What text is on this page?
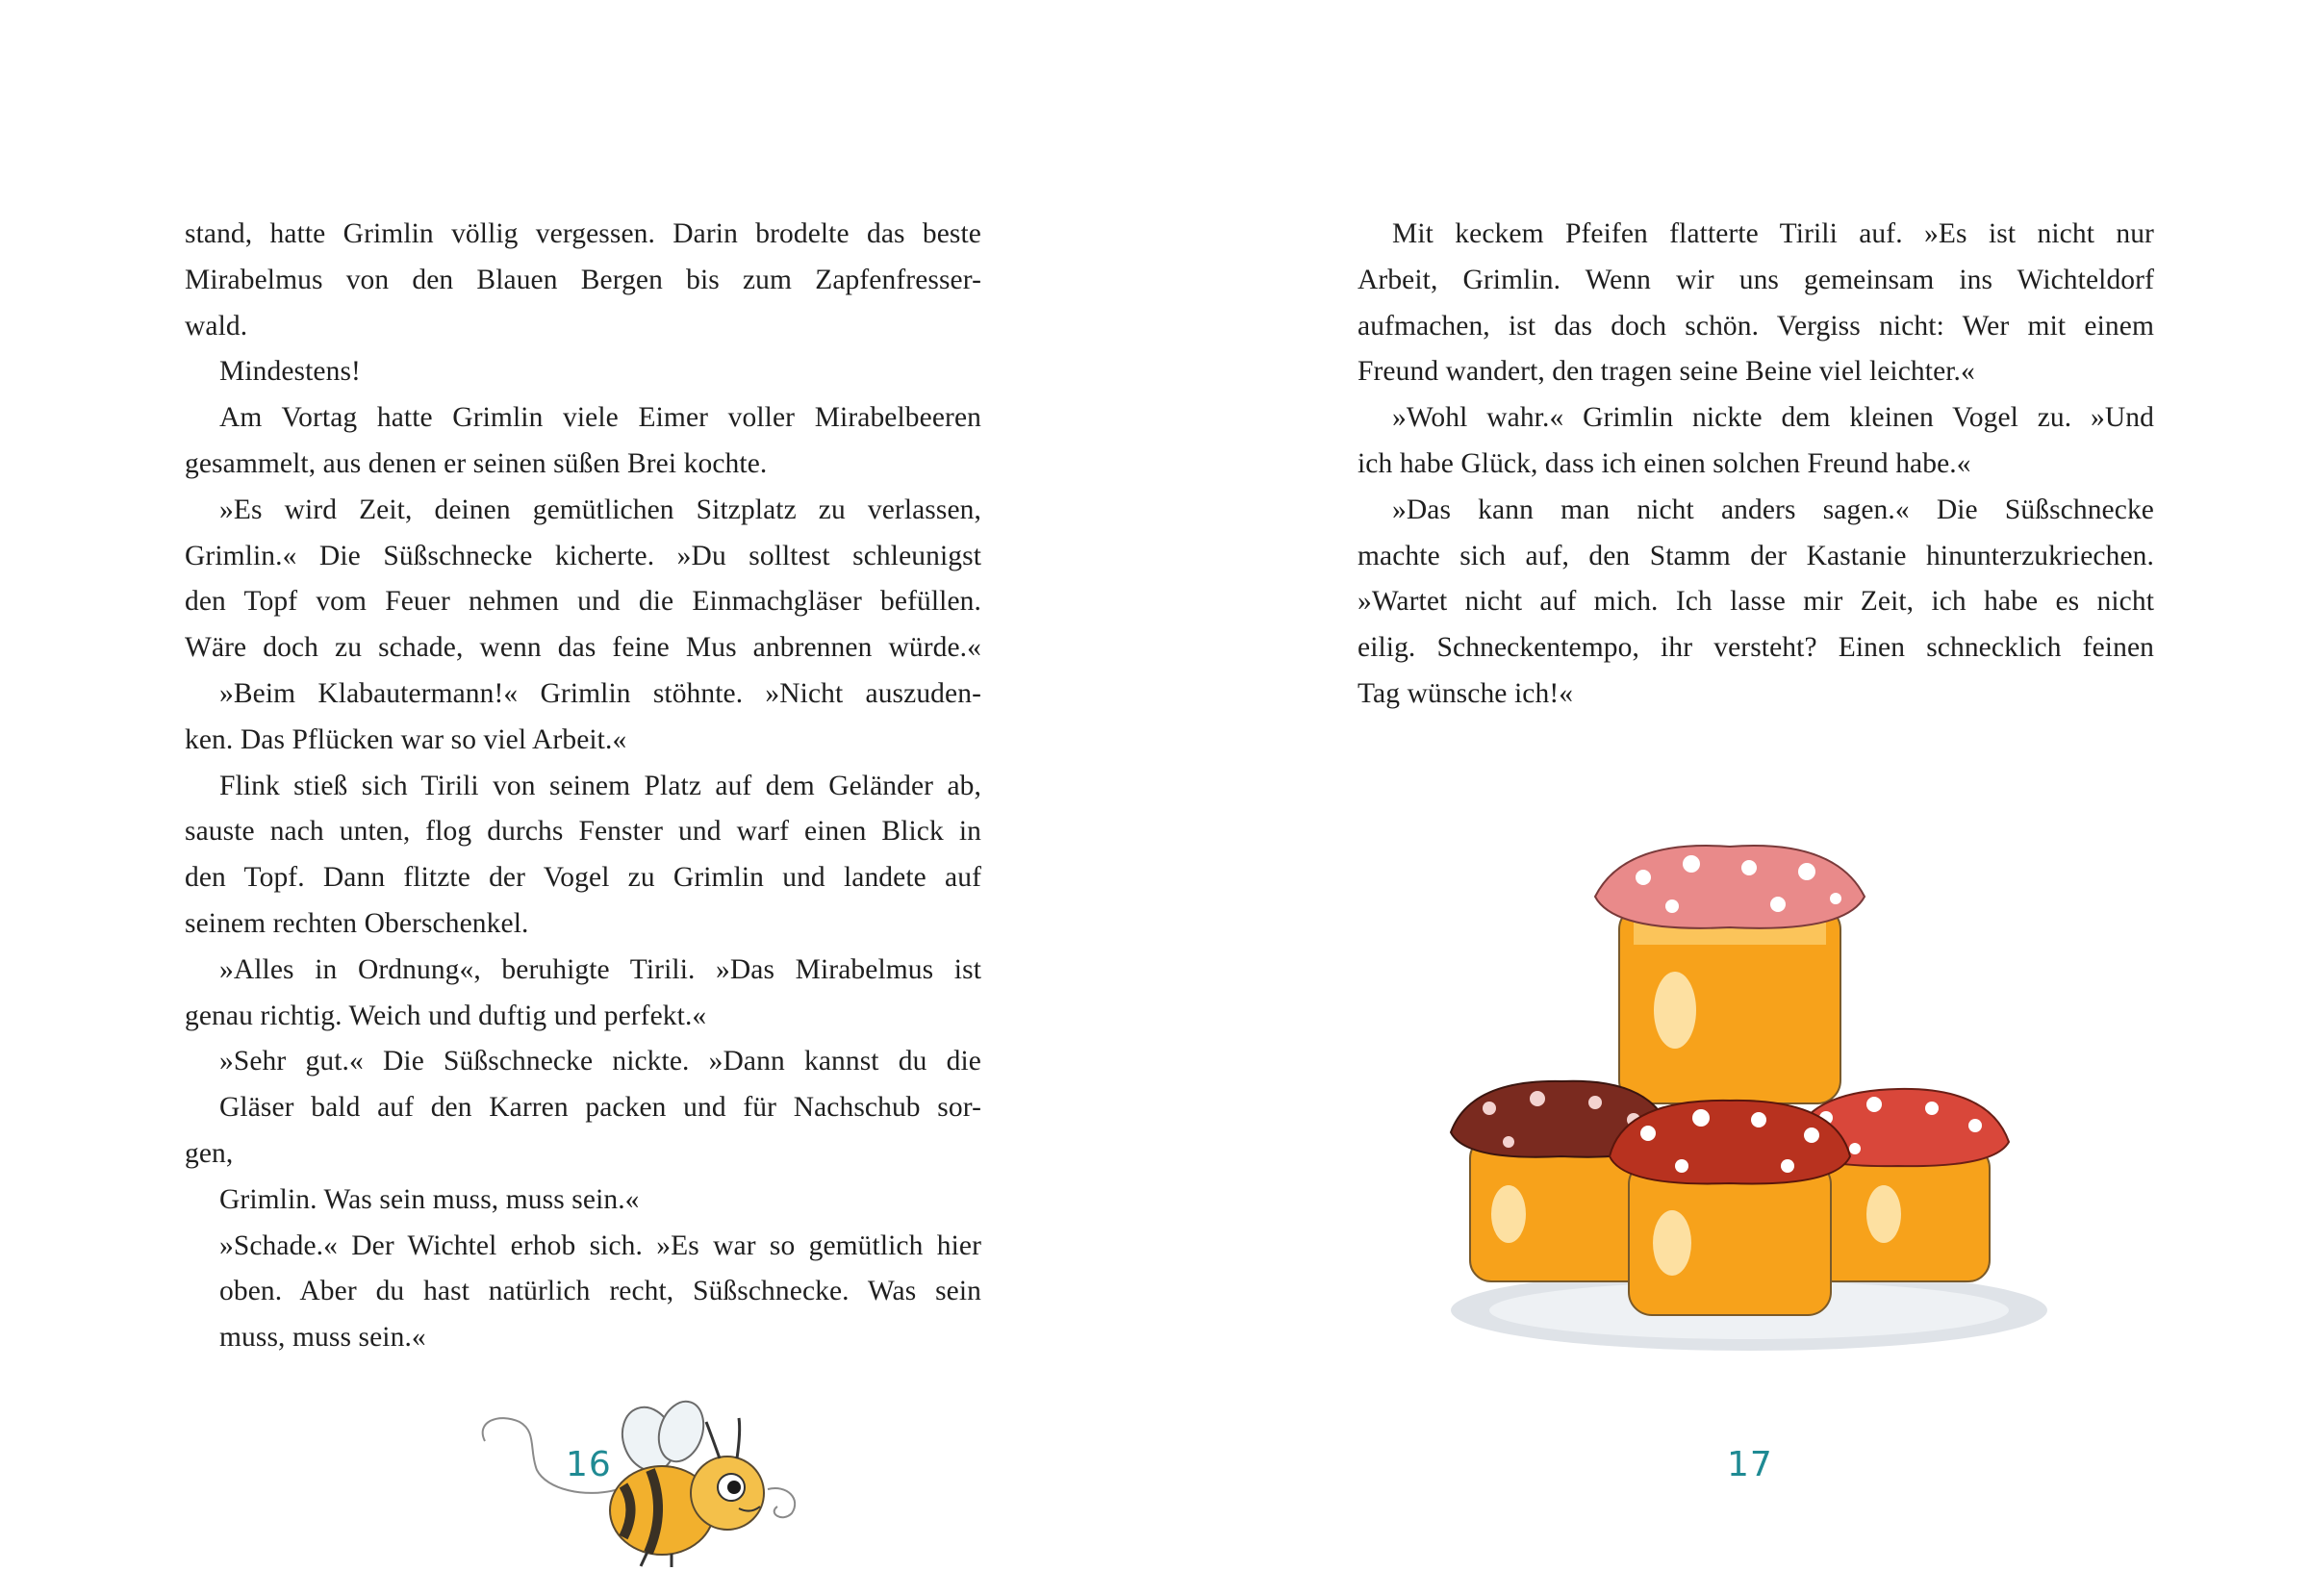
stand, hatte Grimlin völlig vergessen. Darin brodelte das beste
Mirabelmus von den Blauen Bergen bis zum Zapfenfresser-
wald.
Mindestens!
Am Vortag hatte Grimlin viele Eimer voller Mirabelbeeren
gesammelt, aus denen er seinen süßen Brei kochte.
»Es wird Zeit, deinen gemütlichen Sitzplatz zu verlassen,
Grimlin.« Die Süßschnecke kicherte. »Du solltest schleunigst
den Topf vom Feuer nehmen und die Einmachgläser befüllen.
Wäre doch zu schade, wenn das feine Mus anbrennen würde.«
»Beim Klabautermann!« Grimlin stöhnte. »Nicht auszuden-
ken. Das Pflücken war so viel Arbeit.«
Flink stieß sich Tirili von seinem Platz auf dem Geländer ab,
sauste nach unten, flog durchs Fenster und warf einen Blick in
den Topf. Dann flitzte der Vogel zu Grimlin und landete auf
seinem rechten Oberschenkel.
»Alles in Ordnung«, beruhigte Tirili. »Das Mirabelmus ist
genau richtig. Weich und duftig und perfekt.«
»Sehr gut.« Die Süßschnecke nickte. »Dann kannst du die
Gläser bald auf den Karren packen und für Nachschub sor-
gen,
Grimlin. Was sein muss, muss sein.«
»Schade.« Der Wichtel erhob sich. »Es war so gemütlich hier
oben. Aber du hast natürlich recht, Süßschnecke. Was sein
muss, muss sein.«
16
Mit keckem Pfeifen flatterte Tirili auf. »Es ist nicht nur
Arbeit, Grimlin. Wenn wir uns gemeinsam ins Wichteldorf
aufmachen, ist das doch schön. Vergiss nicht: Wer mit einem
Freund wandert, den tragen seine Beine viel leichter.«
»Wohl wahr.« Grimlin nickte dem kleinen Vogel zu. »Und
ich habe Glück, dass ich einen solchen Freund habe.«
»Das kann man nicht anders sagen.« Die Süßschnecke
machte sich auf, den Stamm der Kastanie hinunterzukriechen.
»Wartet nicht auf mich. Ich lasse mir Zeit, ich habe es nicht
eilig. Schneckentempo, ihr versteht? Einen schnecklich feinen
Tag wünsche ich!«
17
